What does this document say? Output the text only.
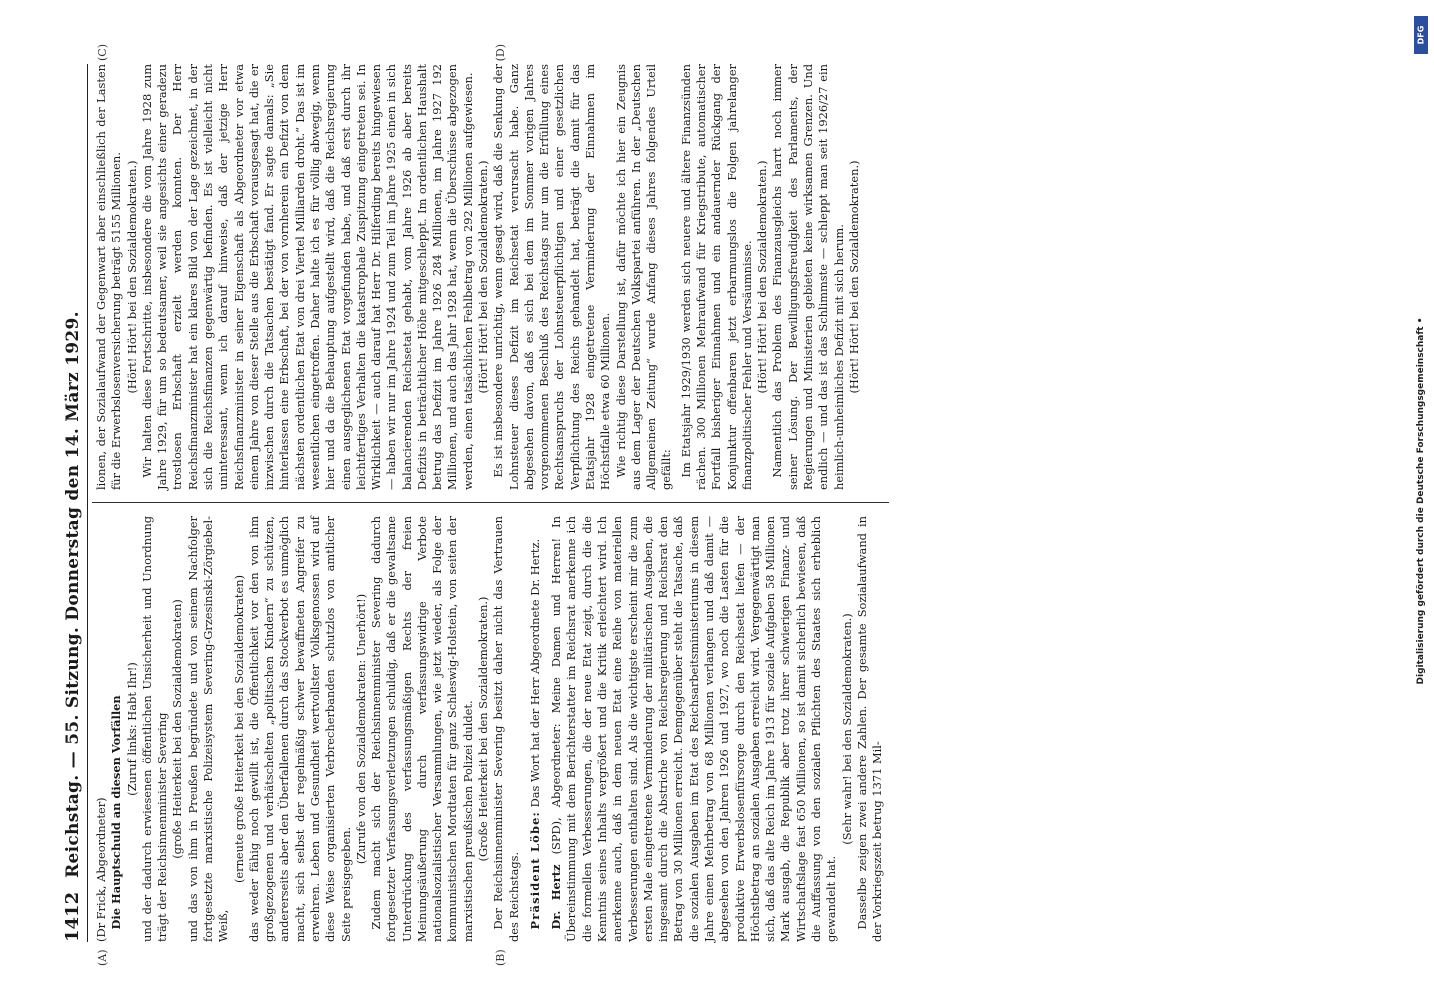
DFG
Digitalisierung gefördert durch die Deutsche Forschungsgemeinschaft •
1412
Reichstag. — 55. Sitzung. Donnerstag den 14. März 1929.
(A)	(B)
(C)	(D)

(Dr Frick, Abgeordneter) Die Hauptschuld an diesen Vorfällen (Zuruf links: Habt Ihr!) und der dadurch erwiesenen öffentlichen Unsicherheit und Unordnung trägt der Reichsinnenminister Severing (große Heiterkeit bei den Sozialdemokraten) und das von ihm in Preußen begründete und von seinem Nachfolger fortgesetzte marxistische Polizeisystem Severing-Grzesinski-Zörgiebel-Weiß,

(erneute große Heiterkeit bei den Sozialdemokraten) das weder fähig noch gewillt ist, die Öffentlichkeit vor den von ihm großgezogenen und verhätschelten „politischen Kindern“ zu schützen, andererseits aber den Überfallenen durch das Stockverbot es unmöglich macht, sich selbst der regelmäßig schwer bewaffneten Angreifer zu erwehren. Leben und Gesundheit wertvollster Volksgenossen wird auf diese Weise organisierten Verbrecherbanden schutzlos von amtlicher Seite preisgegeben.

(Zurufe von den Sozialdemokraten: Unerhört!) Zudem macht sich der Reichsinnenminister Severing dadurch fortgesetzter Verfassungsverletzungen schuldig, daß er die gewaltsame Unterdrückung des verfassungsmäßigen Rechts der freien Meinungsäußerung durch verfassungswidrige Verbote nationalsozialistischer Versammlungen, wie jetzt wieder, als Folge der kommunistischen Mordtaten für ganz Schleswig-Holstein, von seiten der marxistischen preußischen Polizei duldet. (Große Heiterkeit bei den Sozialdemokraten.) Der Reichsinnenminister Severing besitzt daher nicht das Vertrauen des Reichstags. Präsident Löbe: Das Wort hat der Herr Abgeordnete Dr. Hertz.

Dr. Hertz (SPD), Abgeordneter: Meine Damen und Herren! In Übereinstimmung mit dem Berichterstatter im Reichsrat anerkenne ich die formellen Verbesserungen, die der neue Etat zeigt, durch die die Kenntnis seines Inhalts vergrößert und die Kritik erleichtert wird. Ich anerkenne auch, daß in dem neuen Etat eine Reihe von materiellen Verbesserungen enthalten sind. Als die wichtigste erscheint mir die zum ersten Male eingetretene Verminderung der militärischen Ausgaben, die insgesamt durch die Abstriche von Reichsregierung und Reichsrat den Betrag von 30 Millionen erreicht. Demgegenüber steht die Tatsache, daß die sozialen Ausgaben im Etat des Reichsarbeitsministeriums in diesem Jahre einen Mehrbetrag von 68 Millionen verlangen und daß damit — abgesehen von den Jahren 1926 und 1927, wo noch die Lasten für die produktive Erwerbslosenfürsorge durch den Reichsetat liefen — der Höchstbetrag an sozialen Ausgaben erreicht wird. Vergegenwärtigt man sich, daß das alte Reich im Jahre 1913 für soziale Aufgaben 58 Millionen Mark ausgab, die Republik aber trotz ihrer schwierigen Finanz- und Wirtschaftslage fast 650 Millionen, so ist damit sicherlich bewiesen, daß die Auffassung von den sozialen Pflichten des Staates sich erheblich gewandelt hat.

(Sehr wahr! bei den Sozialdemokraten.) Dasselbe zeigen zwei andere Zahlen. Der gesamte Sozialaufwand in der Vorkriegszeit betrug 1371 Mil-

lionen, der Sozialaufwand der Gegenwart aber einschließlich der Lasten für die Erwerbslosenversicherung beträgt 5155 Millionen. (Hört! Hört! bei den Sozialdemokraten.) Wir halten diese Fortschritte, insbesondere die vom Jahre 1928 zum Jahre 1929, für um so bedeutsamer, weil sie angesichts einer geradezu trostlosen Erbschaft erzielt werden konnten. Der Herr Reichsfinanzminister hat ein klares Bild von der Lage gezeichnet, in der sich die Reichsfinanzen gegenwärtig befinden. Es ist vielleicht nicht uninteressant, wenn ich darauf hinweise, daß der jetzige Herr Reichsfinanzminister in seiner Eigenschaft als Abgeordneter vor etwa einem Jahre von dieser Stelle aus die Erbschaft vorausgesagt hat, die er inzwischen durch die Tatsachen bestätigt fand. Er sagte damals: „Sie hinterlassen eine Erbschaft, bei der von vornherein ein Defizit von dem nächsten ordentlichen Etat von drei Viertel Milliarden droht.“ Das ist im wesentlichen eingetroffen. Daher halte ich es für völlig abwegig, wenn hier und da die Behauptung aufgestellt wird, daß die Reichsregierung einen ausgeglichenen Etat vorgefunden habe, und daß erst durch ihr leichtfertiges Verhalten die katastrophale Zuspitzung eingetreten sei. In Wirklichkeit — auch darauf hat Herr Dr. Hilferding bereits hingewiesen — haben wir nur im Jahre 1924 und zum Teil im Jahre 1925 einen in sich balancierenden Reichsetat gehabt, vom Jahre 1926 ab aber bereits Defizits in beträchtlicher Höhe mitgeschleppt. Im ordentlichen Haushalt betrug das Defizit im Jahre 1926 284 Millionen, im Jahre 1927 192 Millionen, und auch das Jahr 1928 hat, wenn die Überschüsse abgezogen werden, einen tatsächlichen Fehlbetrag von 292 Millionen aufgewiesen. (Hört! Hört! bei den Sozialdemokraten.) Es ist insbesondere unrichtig, wenn gesagt wird, daß die Senkung der Lohnsteuer dieses Defizit im Reichsetat verursacht habe. Ganz abgesehen davon, daß es sich bei dem im Sommer vorigen Jahres vorgenommenen Beschluß des Reichstags nur um die Erfüllung eines Rechtsanspruchs der Lohnsteuerpflichtigen und einer gesetzlichen Verpflichtung des Reichs gehandelt hat, beträgt die damit für das Etatsjahr 1928 eingetretene Verminderung der Einnahmen im Höchstfalle etwa 60 Millionen. Wie richtig diese Darstellung ist, dafür möchte ich hier ein Zeugnis aus dem Lager der Deutschen Volkspartei anführen. In der „Deutschen Allgemeinen Zeitung“ wurde Anfang dieses Jahres folgendes Urteil gefällt: Im Etatsjahr 1929/1930 werden sich neuere und ältere Finanzsünden rächen. 300 Millionen Mehraufwand für Kriegstribute, automatischer Fortfall bisheriger Einnahmen und ein andauernder Rückgang der Konjunktur offenbaren jetzt erbarmungslos die Folgen jahrelanger finanzpolitischer Fehler und Versäumnisse. (Hört! Hört! bei den Sozialdemokraten.) Namentlich das Problem des Finanzausgleichs harrt noch immer seiner Lösung. Der Bewilligungsfreudigkeit des Parlaments, der Regierungen und Ministerien gebieten keine wirksamen Grenzen. Und endlich — und das ist das Schlimmste — schleppt man seit 1926/27 ein heimlich-unheimliches Defizit mit sich herum. (Hört! Hört! bei den Sozialdemokraten.)
